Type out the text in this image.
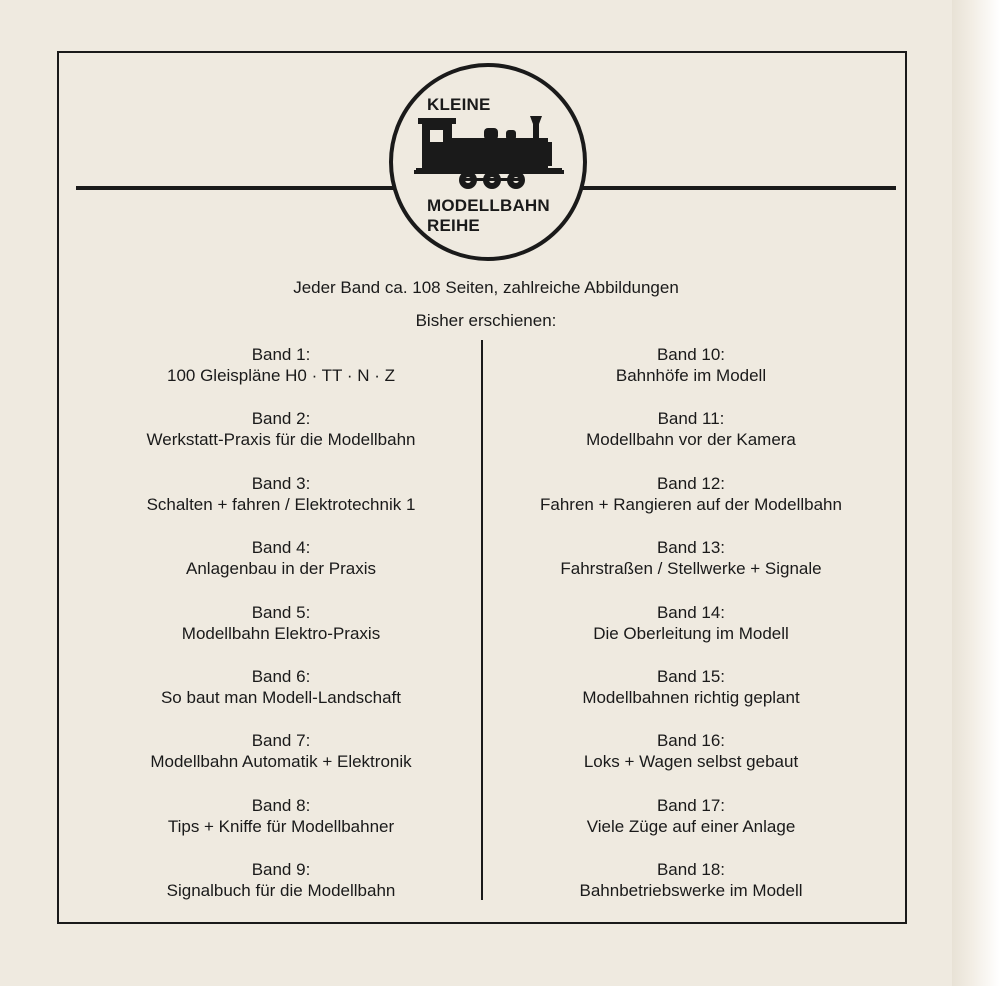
KLEINE
MODELLBAHN
REIHE
Jeder Band ca. 108 Seiten, zahlreiche Abbildungen
Bisher erschienen:
Band 1:
100 Gleispläne H0 · TT · N · Z
Band 2:
Werkstatt-Praxis für die Modellbahn
Band 3:
Schalten + fahren / Elektrotechnik 1
Band 4:
Anlagenbau in der Praxis
Band 5:
Modellbahn Elektro-Praxis
Band 6:
So baut man Modell-Landschaft
Band 7:
Modellbahn Automatik + Elektronik
Band 8:
Tips + Kniffe für Modellbahner
Band 9:
Signalbuch für die Modellbahn
Band 10:
Bahnhöfe im Modell
Band 11:
Modellbahn vor der Kamera
Band 12:
Fahren + Rangieren auf der Modellbahn
Band 13:
Fahrstraßen / Stellwerke + Signale
Band 14:
Die Oberleitung im Modell
Band 15:
Modellbahnen richtig geplant
Band 16:
Loks + Wagen selbst gebaut
Band 17:
Viele Züge auf einer Anlage
Band 18:
Bahnbetriebswerke im Modell
